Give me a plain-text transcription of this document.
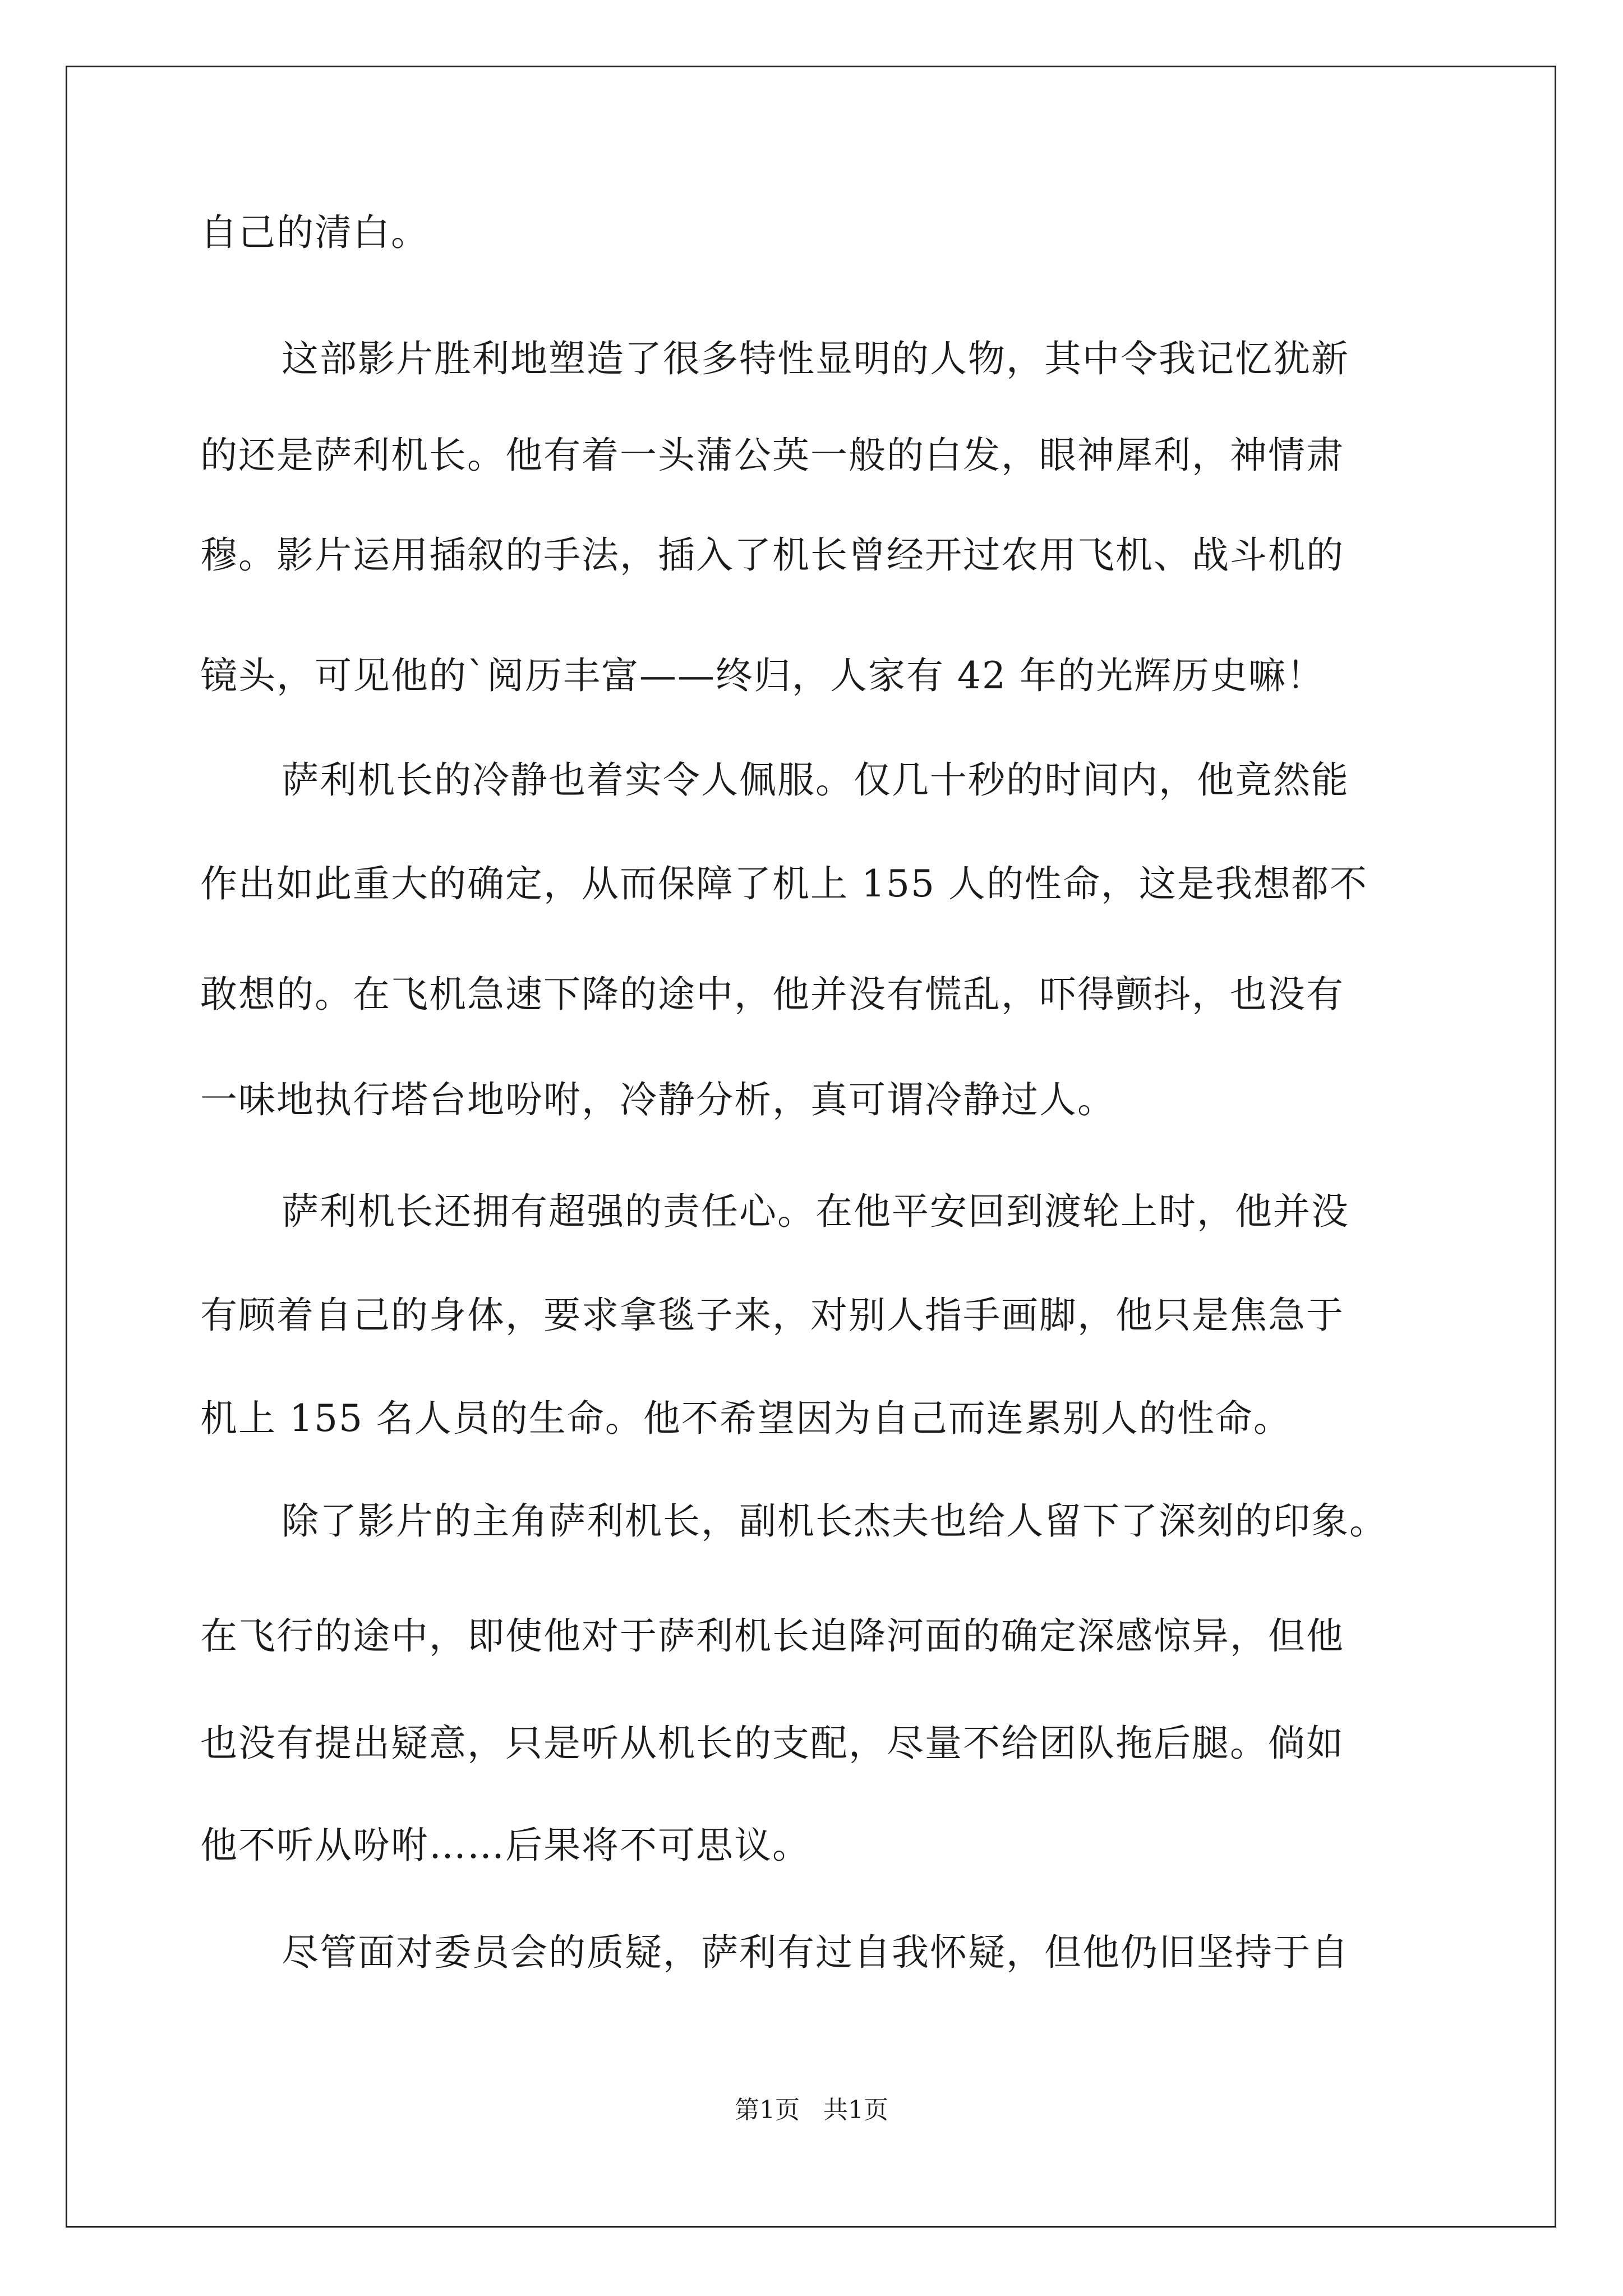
自己的清白。
这部影片胜利地塑造了很多特性显明的人物，其中令我记忆犹新
的还是萨利机长。他有着一头蒲公英一般的白发，眼神犀利，神情肃
穆。影片运用插叙的手法，插入了机长曾经开过农用飞机、战斗机的
镜头，可见他的`阅历丰富——终归，人家有 42 年的光辉历史嘛！
萨利机长的冷静也着实令人佩服。仅几十秒的时间内，他竟然能
作出如此重大的确定，从而保障了机上 155 人的性命，这是我想都不
敢想的。在飞机急速下降的途中，他并没有慌乱，吓得颤抖，也没有
一味地执行塔台地吩咐，冷静分析，真可谓冷静过人。
萨利机长还拥有超强的责任心。在他平安回到渡轮上时，他并没
有顾着自己的身体，要求拿毯子来，对别人指手画脚，他只是焦急于
机上 155 名人员的生命。他不希望因为自己而连累别人的性命。
除了影片的主角萨利机长，副机长杰夫也给人留下了深刻的印象。
在飞行的途中，即使他对于萨利机长迫降河面的确定深感惊异，但他
也没有提出疑意，只是听从机长的支配，尽量不给团队拖后腿。倘如
他不听从吩咐……后果将不可思议。
尽管面对委员会的质疑，萨利有过自我怀疑，但他仍旧坚持于自
第1页   共1页
